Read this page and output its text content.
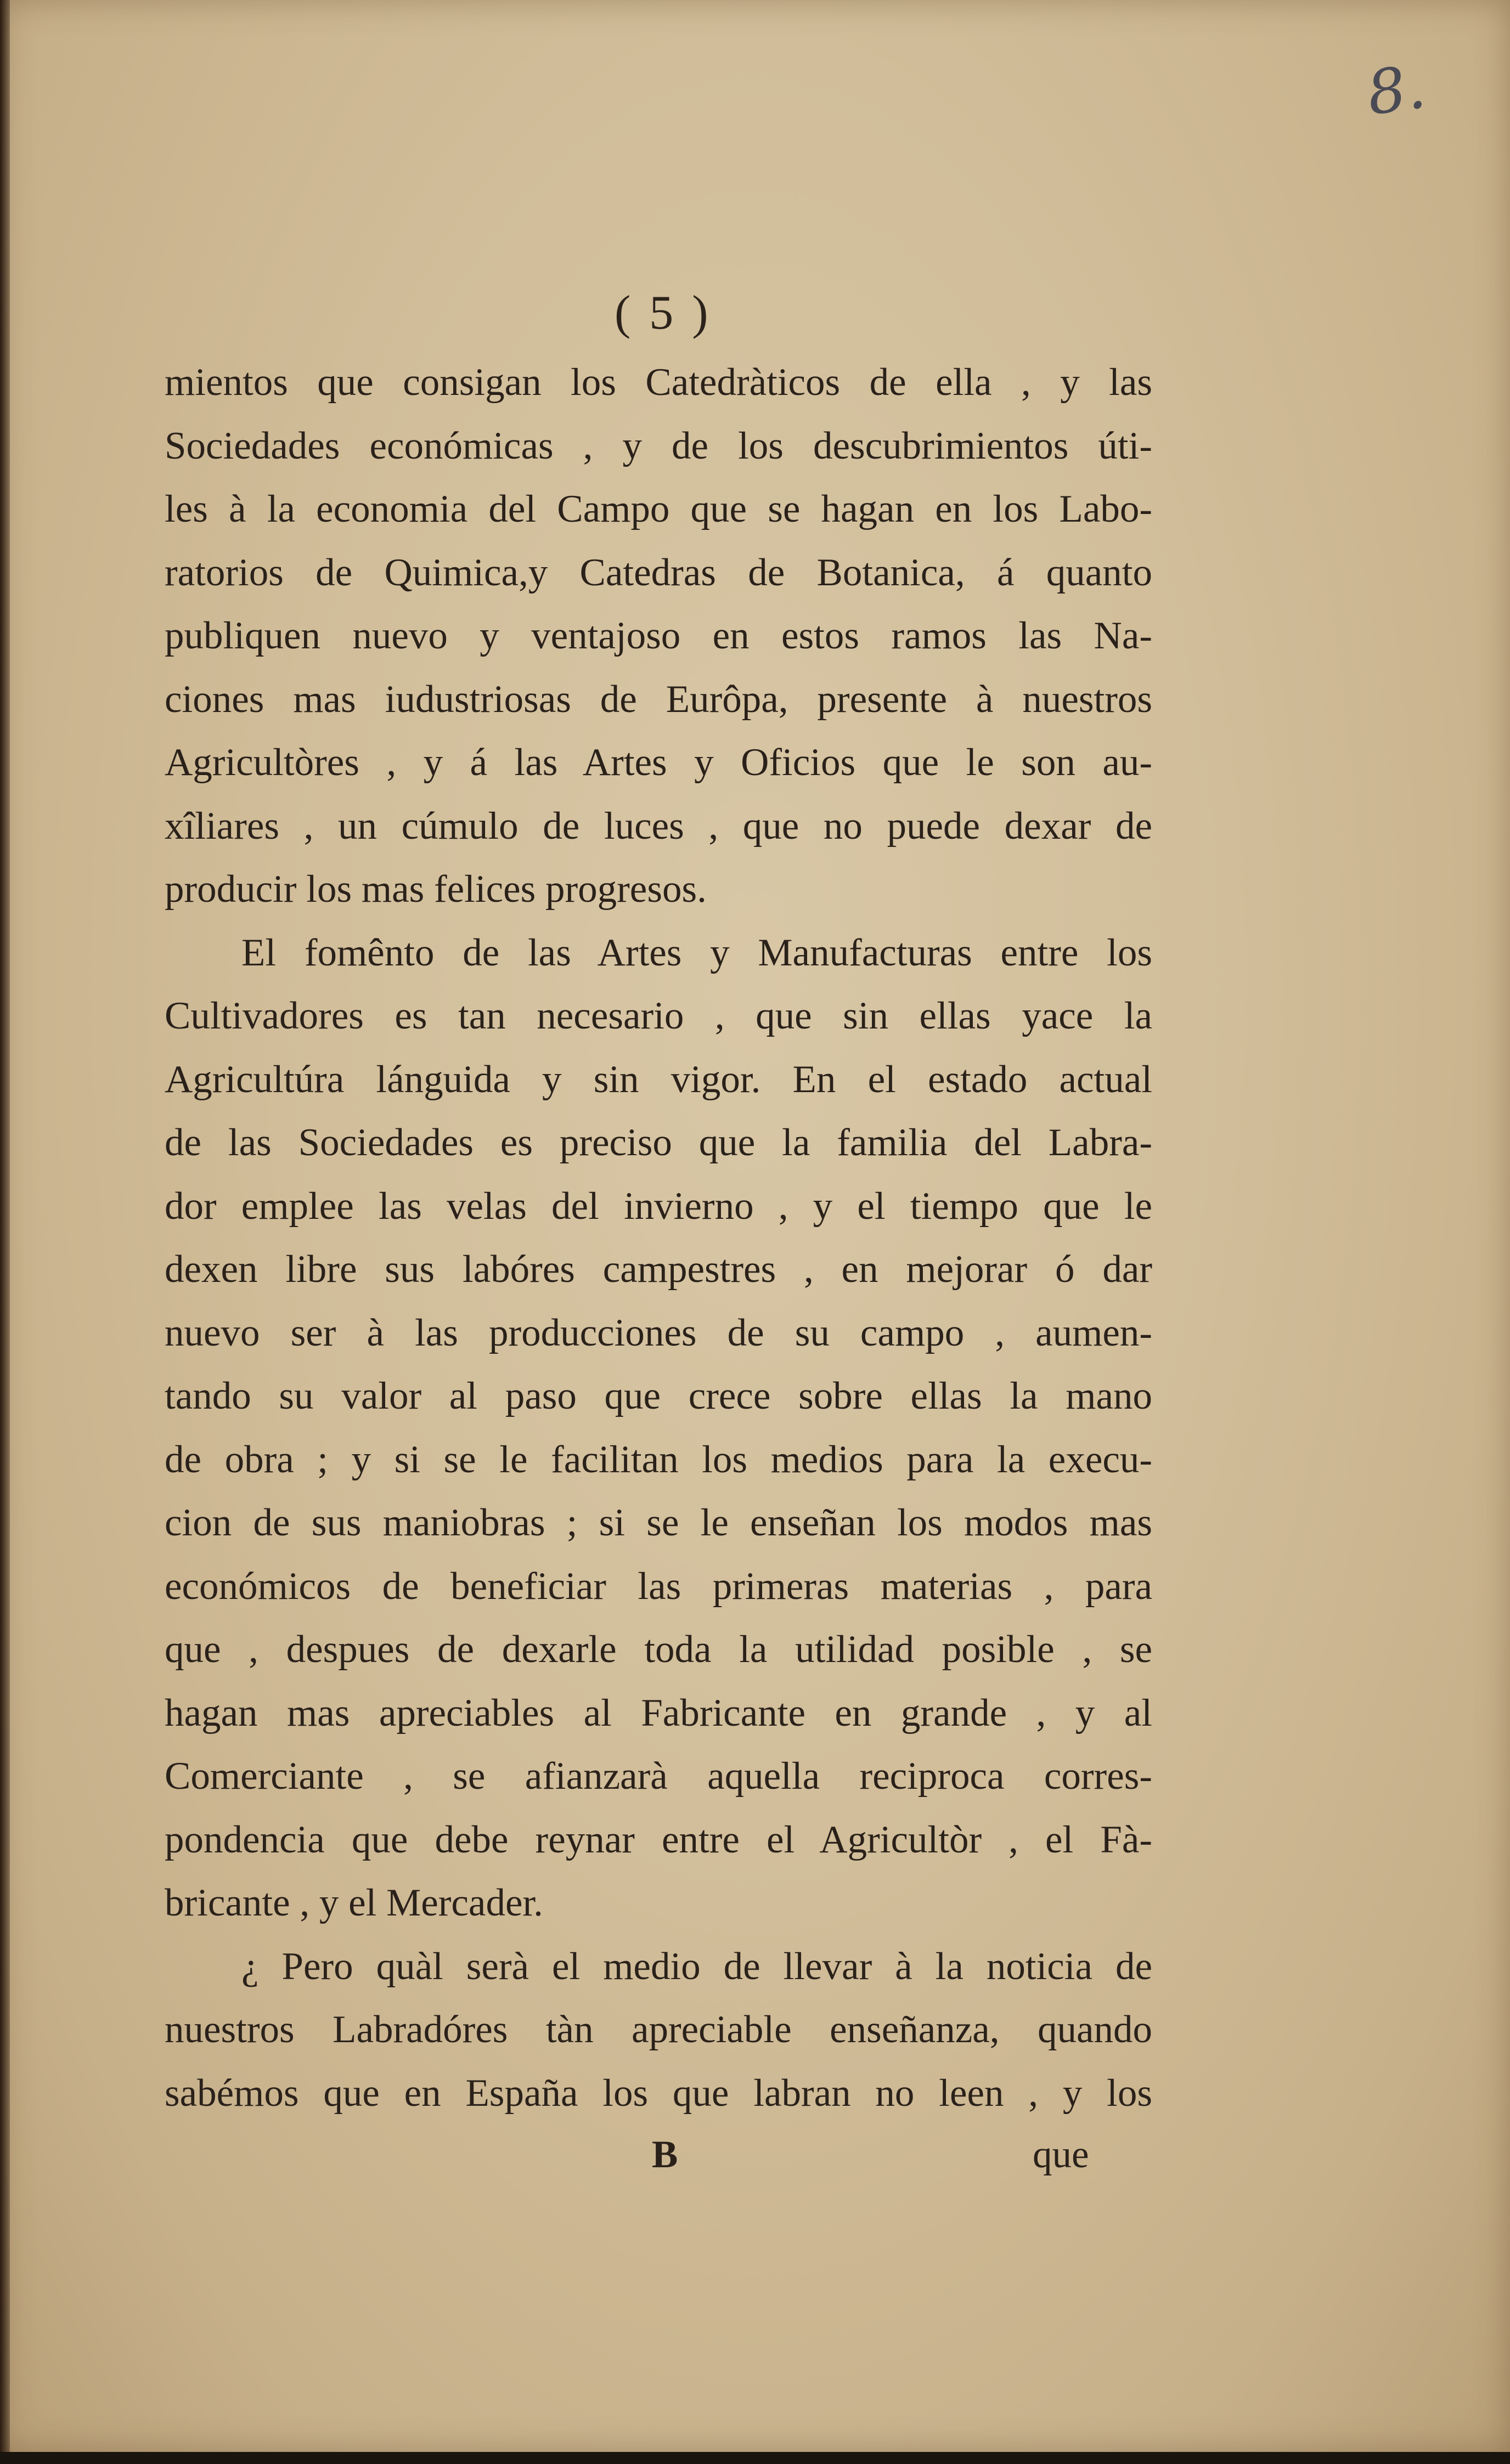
8.
( 5 )
mientos que consigan los Catedràticos de ella , y las
Sociedades económicas , y de los descubrimientos úti-
les à la economia del Campo que se hagan en los Labo-
ratorios de Quimica,y Catedras de Botanica, á quanto
publiquen nuevo y ventajoso en estos ramos las Na-
ciones mas iudustriosas de Eurôpa, presente à nuestros
Agricultòres , y á las Artes y Oficios que le son au-
xîliares , un cúmulo de luces , que no puede dexar de
producir los mas felices progresos.
El fomênto de las Artes y Manufacturas entre los
Cultivadores es tan necesario , que sin ellas yace la
Agricultúra lánguida y sin vigor. En el estado actual
de las Sociedades es preciso que la familia del Labra-
dor emplee las velas del invierno , y el tiempo que le
dexen libre sus labóres campestres , en mejorar ó dar
nuevo ser à las producciones de su campo , aumen-
tando su valor al paso que crece sobre ellas la mano
de obra ; y si se le facilitan los medios para la execu-
cion de sus maniobras ; si se le enseñan los modos mas
económicos de beneficiar las primeras materias , para
que , despues de dexarle toda la utilidad posible , se
hagan mas apreciables al Fabricante en grande , y al
Comerciante , se afianzarà aquella reciproca corres-
pondencia que debe reynar entre el Agricultòr , el Fà-
bricante , y el Mercader.
¿ Pero quàl serà el medio de llevar à la noticia de
nuestros Labradóres tàn apreciable enseñanza, quando
sabémos que en España los que labran no leen , y los
B	que
